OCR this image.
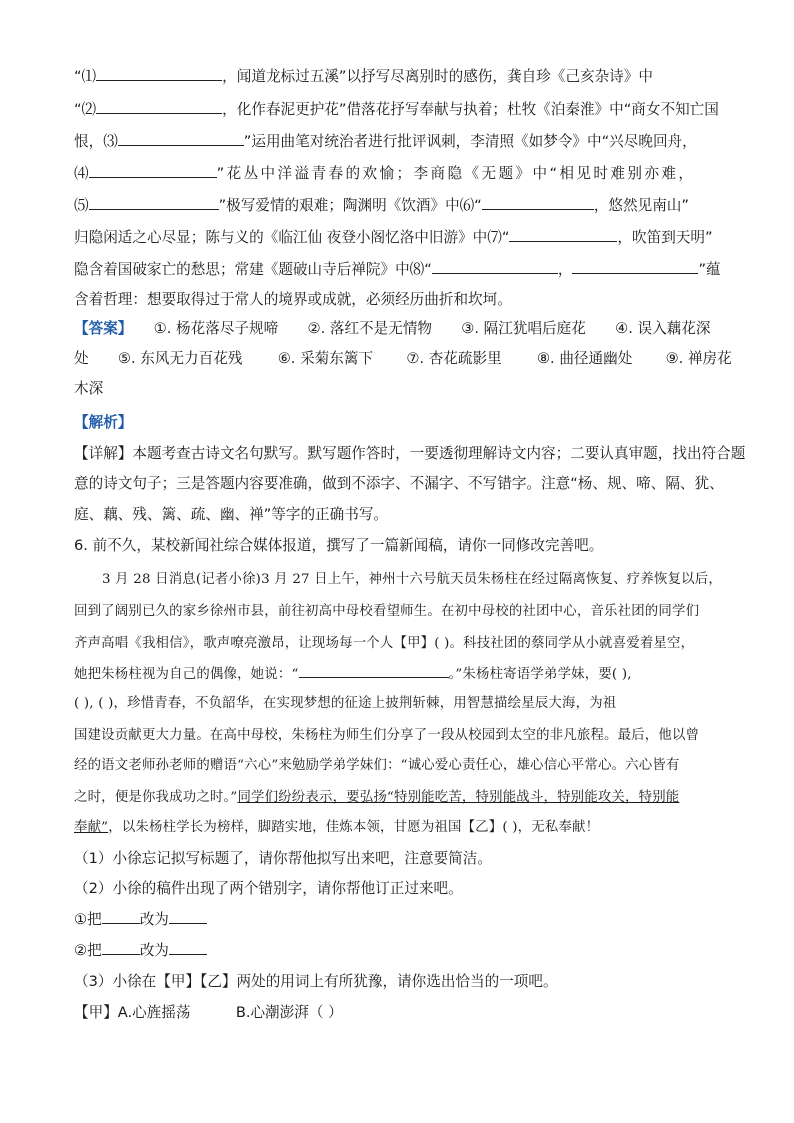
“⑴	，闻道龙标过五溪”以抒写尽离别时的感伤，龚自珍《己亥杂诗》中
“⑵	，化作春泥更护花”借落花抒写奉献与执着；杜牧《泊秦淮》中“商女不知亡国
恨，⑶	”运用曲笔对统治者进行批评讽刺，李清照《如梦令》中“兴尽晚回舟，
⑷	”花丛中洋溢青春的欢愉；李商隐《无题》中“相见时难别亦难，
⑸	”极写爱情的艰难；陶渊明《饮酒》中⑹“	，悠然见南山”
归隐闲适之心尽显；陈与义的《临江仙 夜登小阁忆洛中旧游》中⑺“	，吹笛到天明”
隐含着国破家亡的愁思；常建《题破山寺后禅院》中⑻“	，	”蕴
含着哲理：想要取得过于常人的境界或成就，必须经历曲折和坎坷。
【答案】 ①. 杨花落尽子规啼 ②. 落红不是无情物 ③. 隔江犹唱后庭花 ④. 误入藕花深
处 ⑤. 东风无力百花残 ⑥. 采菊东篱下 ⑦. 杏花疏影里 ⑧. 曲径通幽处 ⑨. 禅房花
木深
【解析】
【详解】本题考查古诗文名句默写。默写题作答时，一要透彻理解诗文内容；二要认真审题，找出符合题
意的诗文句子；三是答题内容要准确，做到不添字、不漏字、不写错字。注意“杨、规、啼、隔、犹、
庭、藕、残、篱、疏、幽、禅”等字的正确书写。
6. 前不久，某校新闻社综合媒体报道，撰写了一篇新闻稿，请你一同修改完善吧。
3 月 28 日消息(记者小徐)3 月 27 日上午，神州十六号航天员朱杨柱在经过隔离恢复、疗养恢复以后，
回到了阔别已久的家乡徐州市县，前往初高中母校看望师生。在初中母校的社团中心，音乐社团的同学们
齐声高唱《我相信》，歌声嘹亮激昂，让现场每一个人【甲】( )。科技社团的蔡同学从小就喜爱着星空，
她把朱杨柱视为自己的偶像，她说：“	。”朱杨柱寄语学弟学妹，要( ),
( ), ( )，珍惜青春，不负韶华，在实现梦想的征途上披荆斩棘，用智慧描绘星辰大海，为祖
国建设贡献更大力量。在高中母校，朱杨柱为师生们分享了一段从校园到太空的非凡旅程。最后，他以曾
经的语文老师孙老师的赠语“六心”来勉励学弟学妹们：“诚心爱心责任心，雄心信心平常心。六心皆有
之时，便是你我成功之时。”同学们纷纷表示，要弘扬“特别能吃苦，特别能战斗，特别能攻关，特别能
奉献”，以朱杨柱学长为榜样，脚踏实地，佳炼本领，甘愿为祖国【乙】( )，无私奉献！
（1）小徐忘记拟写标题了，请你帮他拟写出来吧，注意要简洁。
（2）小徐的稿件出现了两个错别字，请你帮他订正过来吧。
①把	改为
②把	改为
（3）小徐在【甲】【乙】两处的用词上有所犹豫，请你选出恰当的一项吧。
【甲】A.心旌摇荡	B.心潮澎湃（ ）
